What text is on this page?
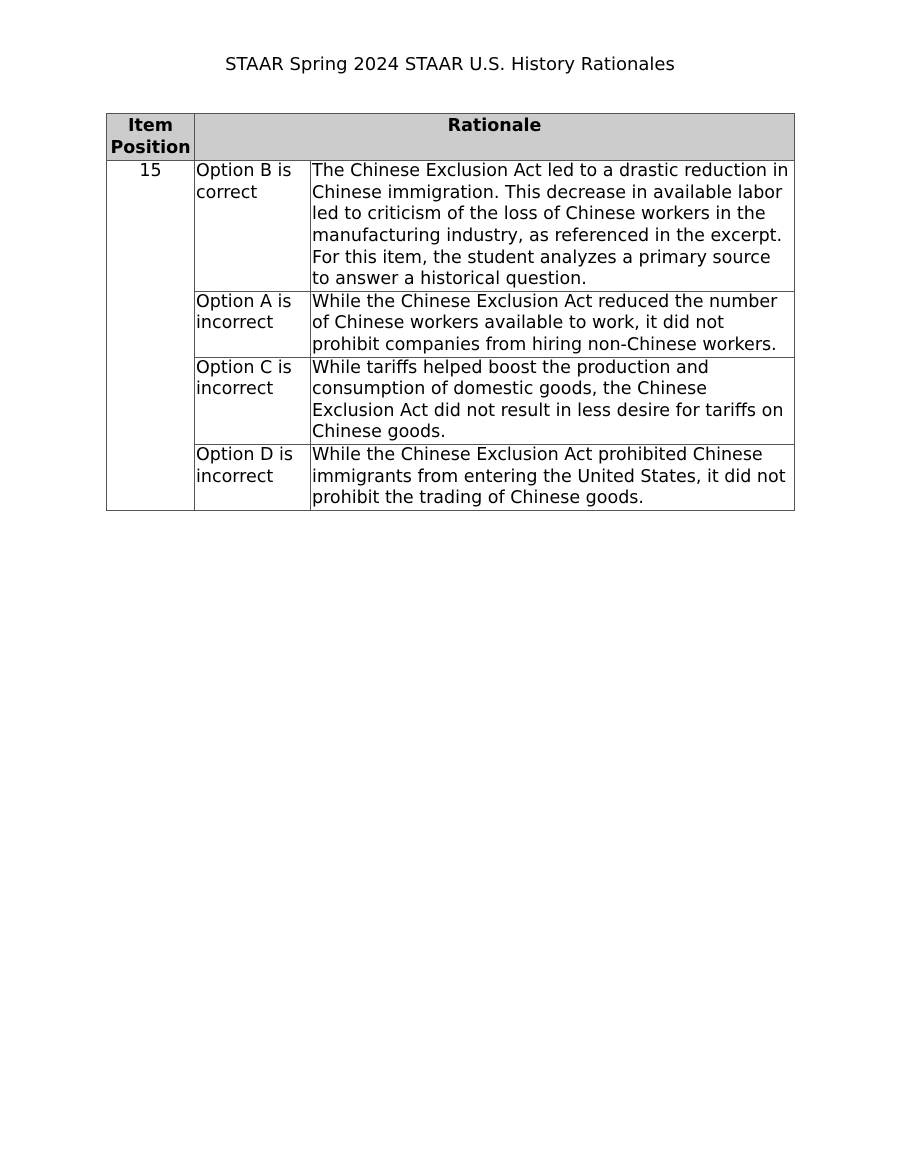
STAAR Spring 2024 STAAR U.S. History Rationales
Item Position	Rationale	
15	Option B is correct	The Chinese Exclusion Act led to a drastic reduction in Chinese immigration. This decrease in available labor led to criticism of the loss of Chinese workers in the manufacturing industry, as referenced in the excerpt. For this item, the student analyzes a primary source to answer a historical question.
	Option A is incorrect	While the Chinese Exclusion Act reduced the number of Chinese workers available to work, it did not prohibit companies from hiring non-Chinese workers.
	Option C is incorrect	While tariffs helped boost the production and consumption of domestic goods, the Chinese Exclusion Act did not result in less desire for tariffs on Chinese goods.
	Option D is incorrect	While the Chinese Exclusion Act prohibited Chinese immigrants from entering the United States, it did not prohibit the trading of Chinese goods.
